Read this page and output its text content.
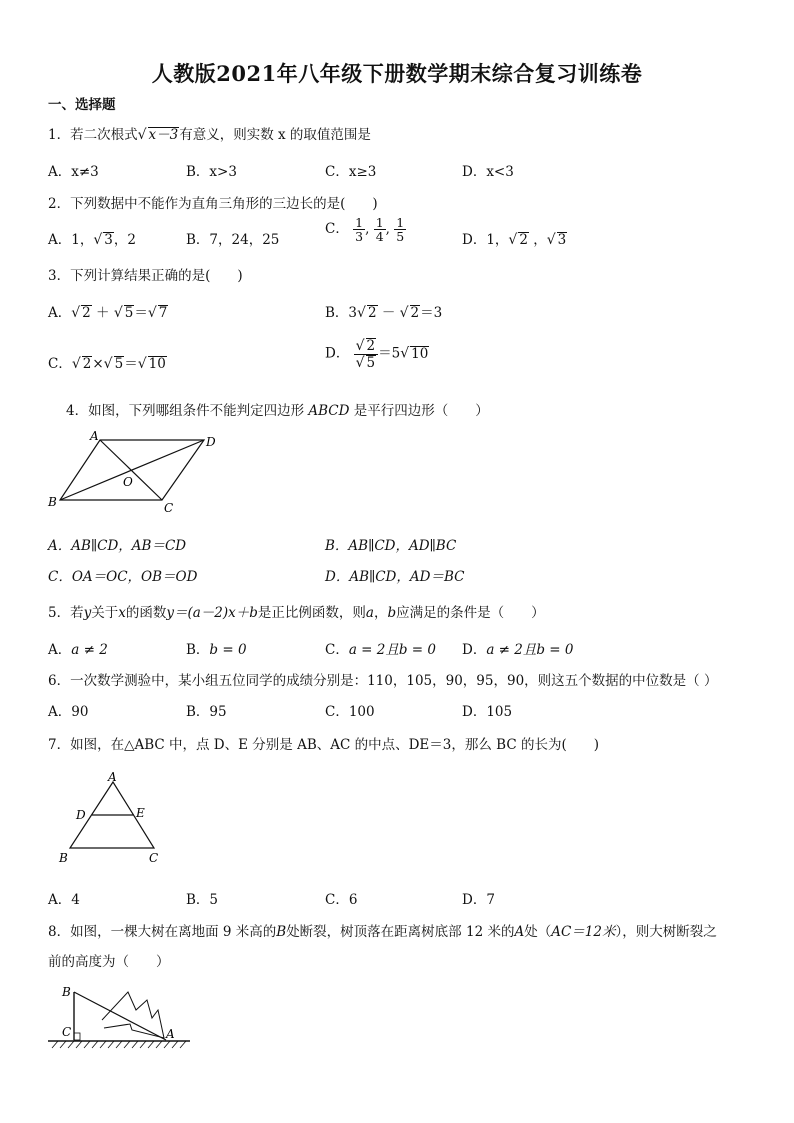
人教版2021年八年级下册数学期末综合复习训练卷
一、选择题
1．若二次根式√ x－3有意义，则实数 x 的取值范围是
A．x≠3	B．x>3	C．x≥3	D．x<3
2．下列数据中不能作为直角三角形的三边长的是(　　)
A．1，√ 3，2	B．7，24，25
C． $\frac{1}{3}$ , $\frac{1}{4}$ , $\frac{1}{5}$	D．1，√ 2 ，√ 3
3．下列计算结果正确的是(　　)
A．√ 2 ＋ √ 5＝√ 7	B．3√ 2 － √ 2＝3
C．√ 2×√ 5＝√ 10
D． $\frac{√ 2}{√ 5} =5√$ 10
4．如图，下列哪组条件不能判定四边形 ABCD 是平行四边形（　　）
A	D
B	C
O
A．AB∥CD，AB＝CD	B．AB∥CD，AD∥BC
C．OA＝OC，OB＝OD	D．AB∥CD，AD＝BC
5．若y关于x的函数y＝(a－2)x＋b是正比例函数，则a，b应满足的条件是（　　）
A．a ≠ 2	B．b = 0	C．a = 2且b = 0 D．a ≠ 2且b = 0
6．一次数学测验中，某小组五位同学的成绩分别是：110，105，90，95，90，则这五个数据的中位数是（ ）
A．90	B．95	C．100	D．105
7．如图，在△ABC 中，点 D、E 分别是 AB、AC 的中点、DE＝3，那么 BC 的长为(　　)
A
D	E
B	C
A．4	B．5	C．6	D．7
8．如图，一棵大树在离地面 9 米高的B处断裂，树顶落在距离树底部 12 米的A处（AC＝12米），则大树断裂之
前的高度为（　　）
B
C	A
